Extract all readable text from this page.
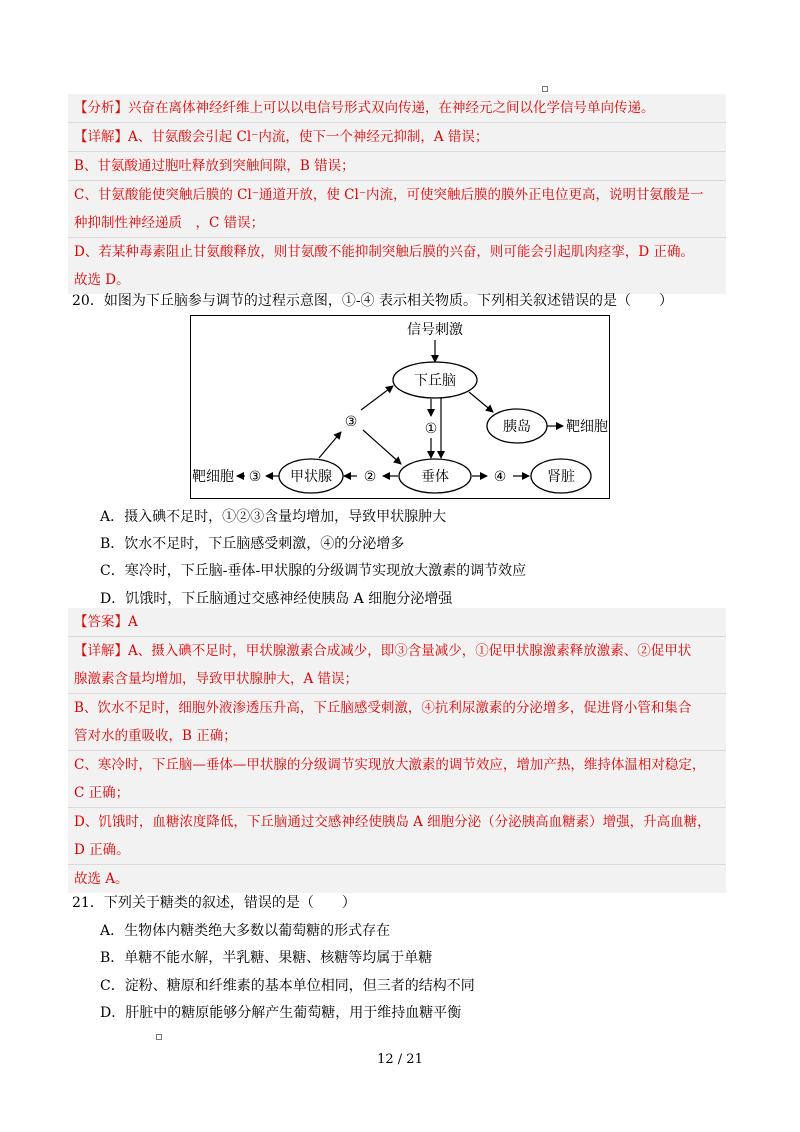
【分析】兴奋在离体神经纤维上可以以电信号形式双向传递，在神经元之间以化学信号单向传递。
【详解】A、甘氨酸会引起 Cl⁻内流，使下一个神经元抑制，A 错误；
B、甘氨酸通过胞吐释放到突触间隙，B 错误；
C、甘氨酸能使突触后膜的 Cl⁻通道开放，使 Cl⁻内流，可使突触后膜的膜外正电位更高，说明甘氨酸是一
种抑制性神经递质　，C 错误；
D、若某种毒素阻止甘氨酸释放，则甘氨酸不能抑制突触后膜的兴奋，则可能会引起肌肉痉挛，D 正确。
故选 D。
20．如图为下丘脑参与调节的过程示意图，①-④ 表示相关物质。下列相关叙述错误的是（　　）
信号刺激
下丘脑
①	胰岛	靶细胞
垂体	④	肾脏
②
甲状腺
③
靶细胞
③
A．摄入碘不足时，①②③含量均增加，导致甲状腺肿大
B．饮水不足时，下丘脑感受刺激，④的分泌增多
C．寒冷时，下丘脑-垂体-甲状腺的分级调节实现放大激素的调节效应
D．饥饿时，下丘脑通过交感神经使胰岛 A 细胞分泌增强
【答案】A
【详解】A、摄入碘不足时，甲状腺激素合成减少，即③含量减少，①促甲状腺激素释放激素、②促甲状
腺激素含量均增加，导致甲状腺肿大，A 错误；
B、饮水不足时，细胞外液渗透压升高，下丘脑感受刺激，④抗利尿激素的分泌增多，促进肾小管和集合
管对水的重吸收，B 正确；
C、寒冷时，下丘脑—垂体—甲状腺的分级调节实现放大激素的调节效应，增加产热，维持体温相对稳定，
C 正确；
D、饥饿时，血糖浓度降低，下丘脑通过交感神经使胰岛 A 细胞分泌（分泌胰高血糖素）增强，升高血糖，
D 正确。
故选 A。
21．下列关于糖类的叙述，错误的是（　　）
A．生物体内糖类绝大多数以葡萄糖的形式存在
B．单糖不能水解，半乳糖、果糖、核糖等均属于单糖
C．淀粉、糖原和纤维素的基本单位相同，但三者的结构不同
D．肝脏中的糖原能够分解产生葡萄糖，用于维持血糖平衡
12 / 21
